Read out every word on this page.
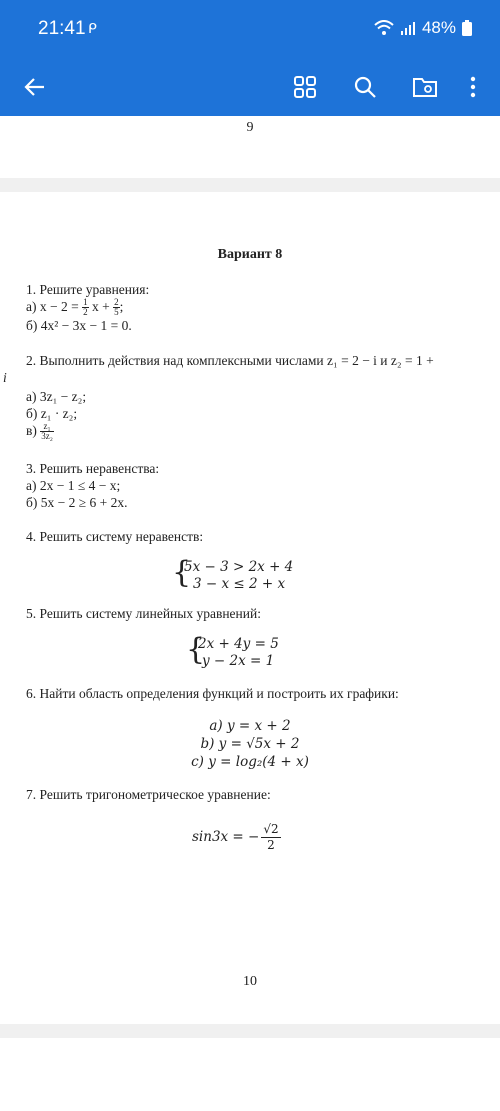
21:41 ᑭ	48%
9
Вариант 8
1. Решите уравнения:
а) $x - 2 = \frac{1}{2}$ $x + \frac{2}{5}$ ;
б) 4x² − 3x − 1 = 0.
2. Выполнить действия над комплексными числами z₁ = 2 − i и z₂ = 1 +
i
а) 3z₁ − z₂;
б) z₁ · z₂;
$в) \frac{\text{z₁}}{\text{3z₂}}$
3. Решить неравенства:
а) 2x − 1 ≤ 4 − x;
б) 5x − 2 ≥ 6 + 2x.
4. Решить систему неравенств:
{
5x − 3 > 2x + 4
3 − x ≤ 2 + x
5. Решить систему линейных уравнений:
{
2x + 4y = 5
y − 2x = 1
6. Найти область определения функций и построить их графики:
a) y = x + 2
b) y = √5x + 2
c) y = log₂(4 + x)
7. Решить тригонометрическое уравнение:
sin3x = − $\frac{√2}{2}$
10
